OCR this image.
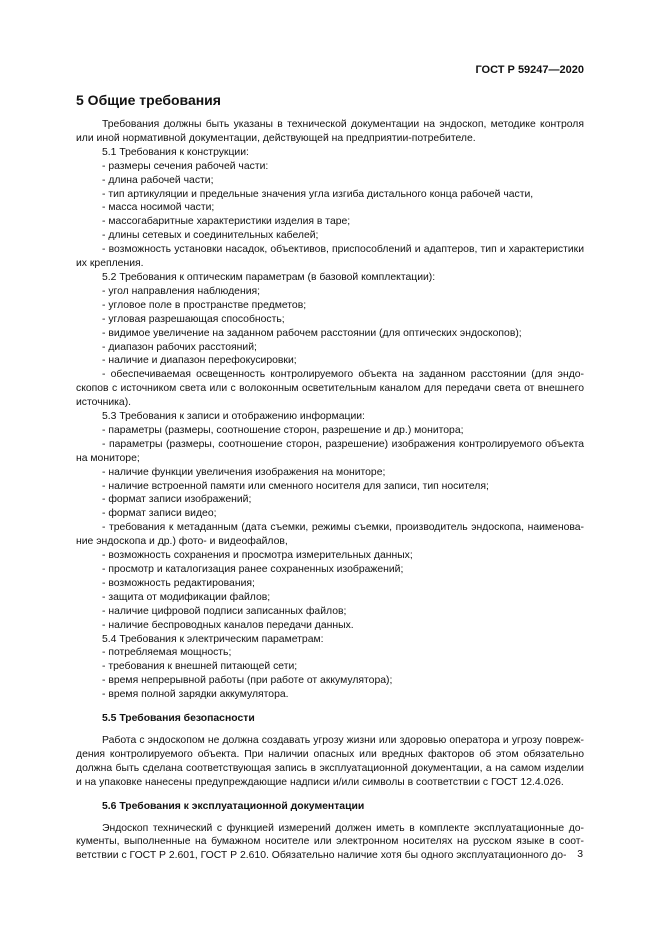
ГОСТ Р 59247—2020
5 Общие требования

Требования должны быть указаны в технической документации на эндоскоп, методике контроля или иной нормативной документации, действующей на предприятии-потребителе.

5.1 Требования к конструкции:

- размеры сечения рабочей части:

- длина рабочей части;

- тип артикуляции и предельные значения угла изгиба дистального конца рабочей части,

- масса носимой части;

- массогабаритные характеристики изделия в таре;

- длины сетевых и соединительных кабелей;

- возможность установки насадок, объективов, приспособлений и адаптеров, тип и характеристики их крепления.

5.2 Требования к оптическим параметрам (в базовой комплектации):

- угол направления наблюдения;

- угловое поле в пространстве предметов;

- угловая разрешающая способность;

- видимое увеличение на заданном рабочем расстоянии (для оптических эндоскопов);

- диапазон рабочих расстояний;

- наличие и диапазон перефокусировки;

- обеспечиваемая освещенность контролируемого объекта на заданном расстоянии (для эндо-скопов с источником света или с волоконным осветительным каналом для передачи света от внешнего источника).

5.3 Требования к записи и отображению информации:

- параметры (размеры, соотношение сторон, разрешение и др.) монитора;

- параметры (размеры, соотношение сторон, разрешение) изображения контролируемого объекта на мониторе;

- наличие функции увеличения изображения на мониторе;

- наличие встроенной памяти или сменного носителя для записи, тип носителя;

- формат записи изображений;

- формат записи видео;

- требования к метаданным (дата съемки, режимы съемки, производитель эндоскопа, наименова-ние эндоскопа и др.) фото- и видеофайлов,

- возможность сохранения и просмотра измерительных данных;

- просмотр и каталогизация ранее сохраненных изображений;

- возможность редактирования;

- защита от модификации файлов;

- наличие цифровой подписи записанных файлов;

- наличие беспроводных каналов передачи данных.

5.4 Требования к электрическим параметрам:

- потребляемая мощность;

- требования к внешней питающей сети;

- время непрерывной работы (при работе от аккумулятора);

- время полной зарядки аккумулятора.

5.5 Требования безопасности

Работа с эндоскопом не должна создавать угрозу жизни или здоровью оператора и угрозу повреж-дения контролируемого объекта. При наличии опасных или вредных факторов об этом обязательно должна быть сделана соответствующая запись в эксплуатационной документации, а на самом изделии и на упаковке нанесены предупреждающие надписи и/или символы в соответствии с ГОСТ 12.4.026.

5.6 Требования к эксплуатационной документации

Эндоскоп технический с функцией измерений должен иметь в комплекте эксплуатационные до-кументы, выполненные на бумажном носителе или электронном носителях на русском языке в соот-ветствии с ГОСТ Р 2.601, ГОСТ Р 2.610. Обязательно наличие хотя бы одного эксплуатационного до-	3
